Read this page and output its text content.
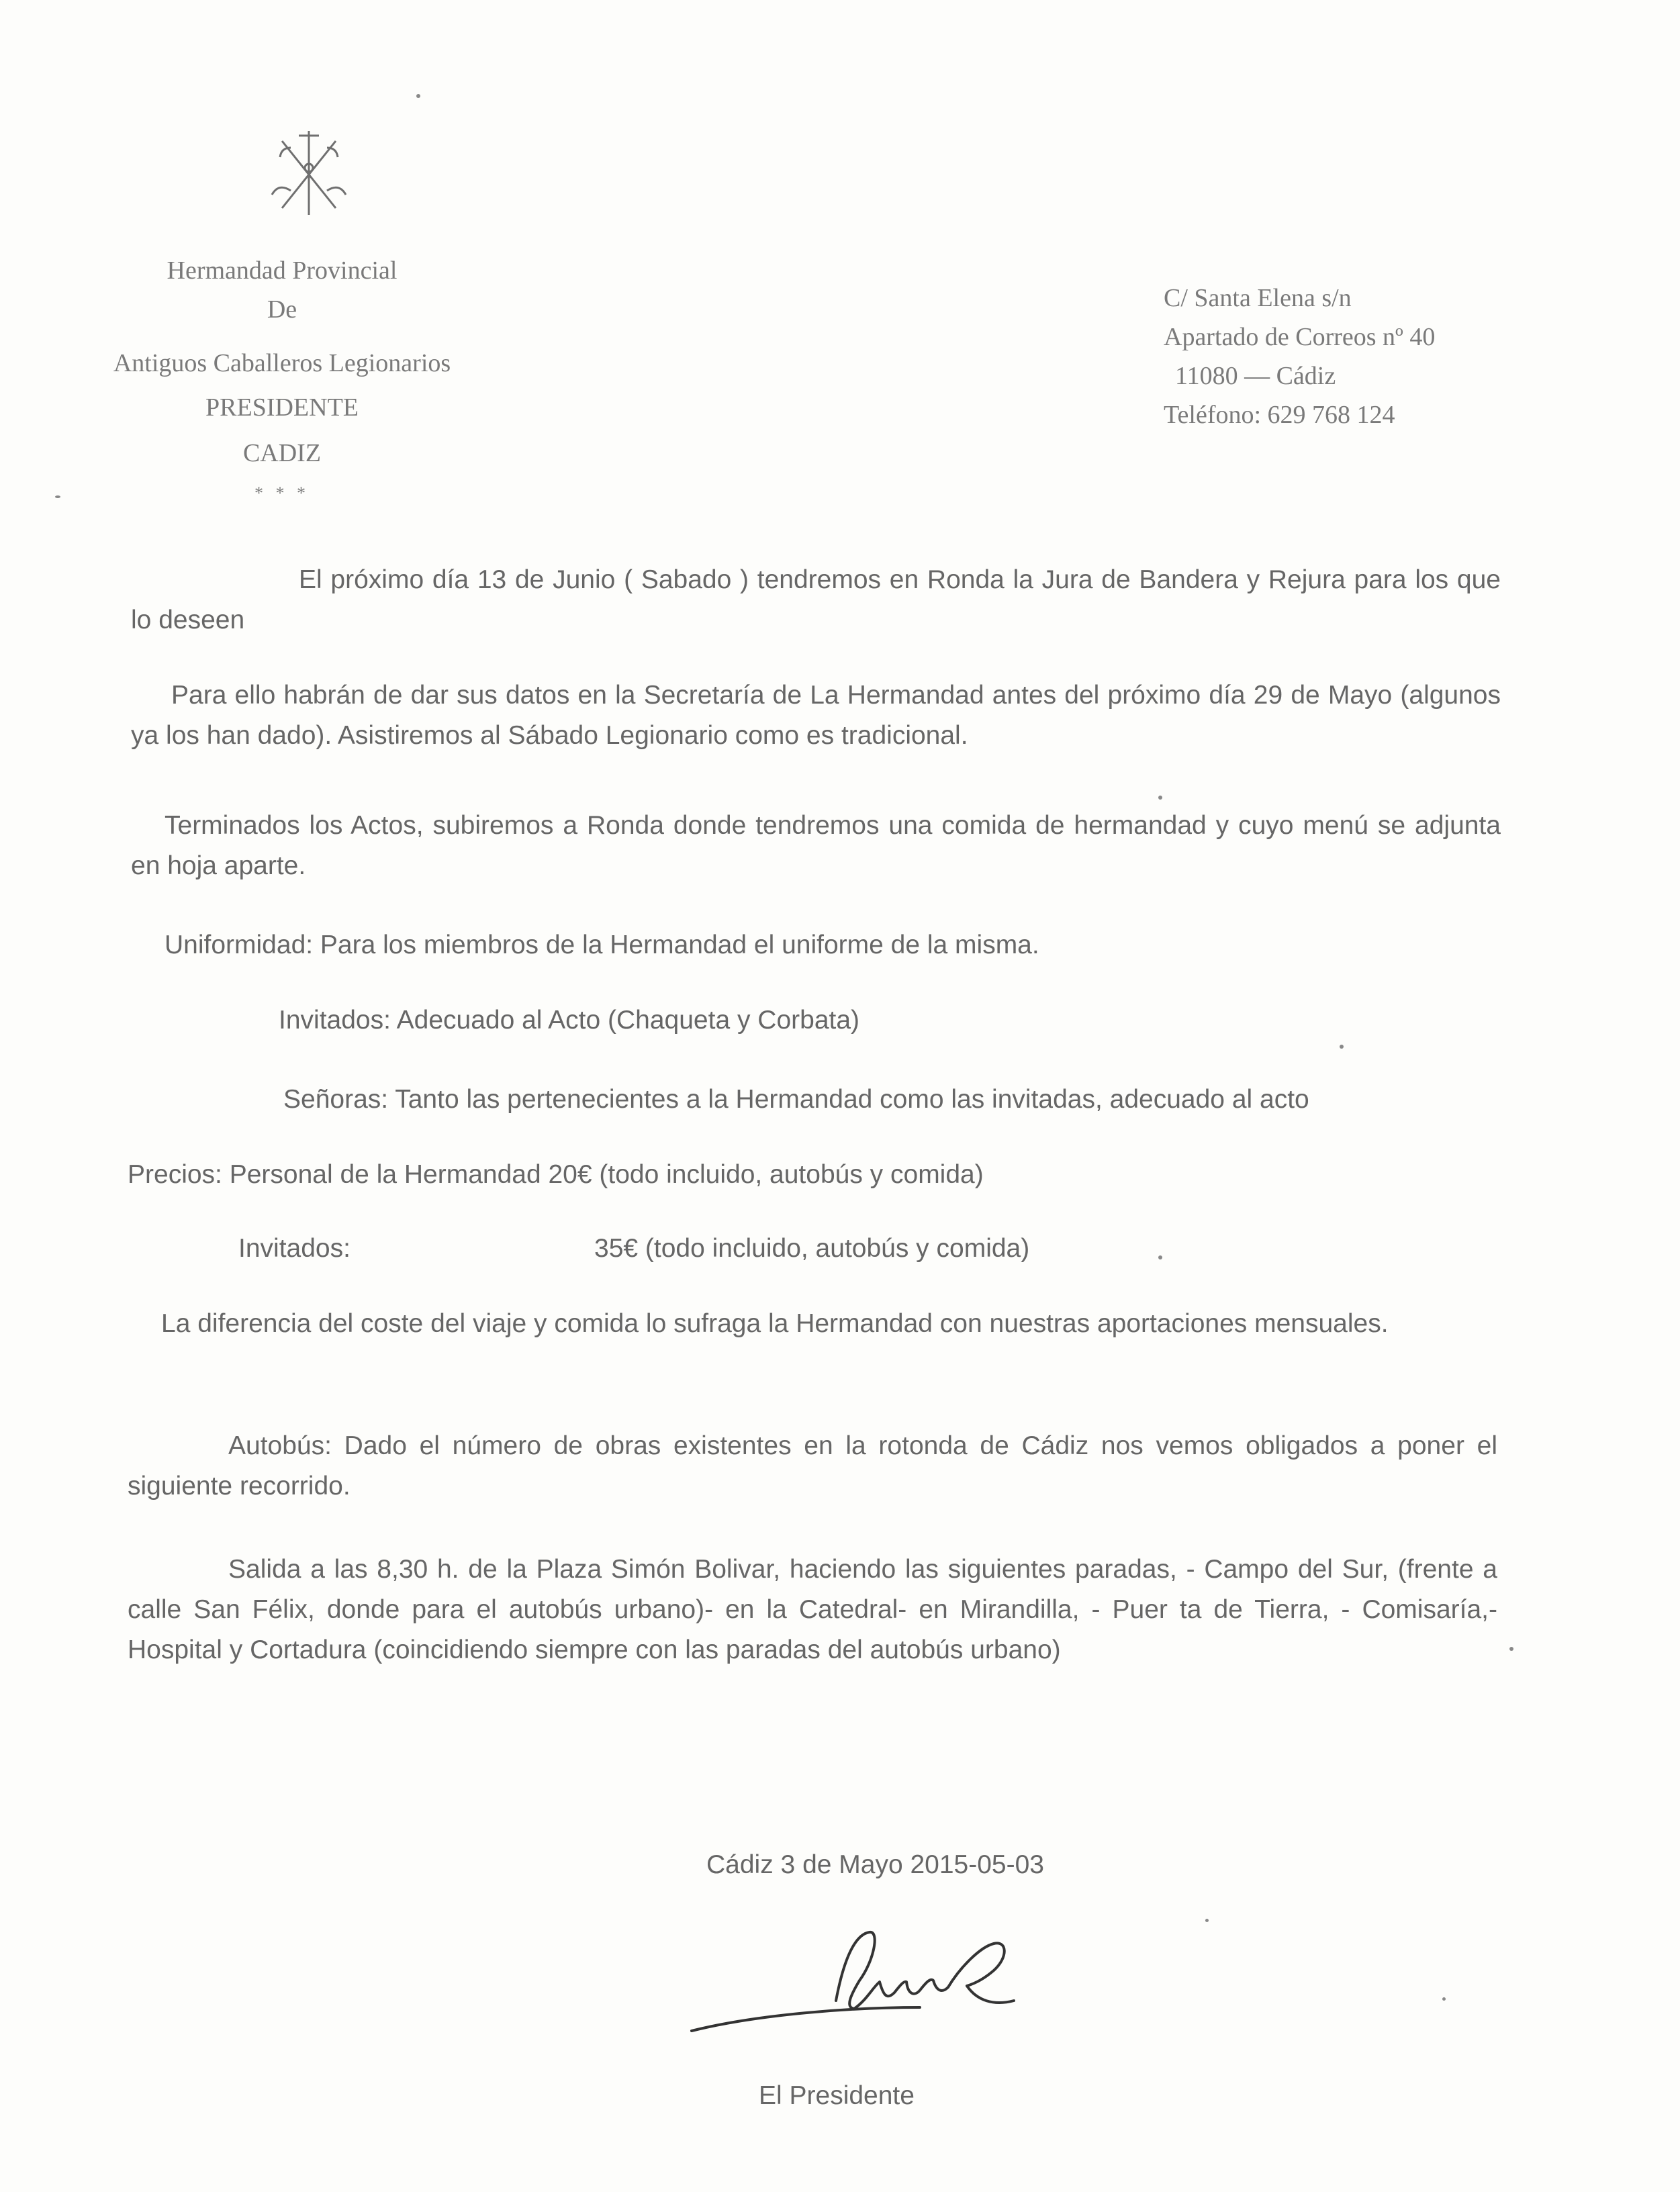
Hermandad Provincial
De
Antiguos Caballeros Legionarios
PRESIDENTE
CADIZ
* * *
C/ Santa Elena s/n
Apartado de Correos nº 40
11080 — Cádiz
Teléfono: 629 768 124

El próximo día 13 de Junio ( Sabado ) tendremos en Ronda la Jura de Bandera y Rejura para los que lo deseen

Para ello habrán de dar sus datos en la Secretaría de La Hermandad antes del próximo día 29 de Mayo (algunos ya los han dado). Asistiremos al Sábado Legionario como es tradicional.

Terminados los Actos, subiremos a Ronda donde tendremos una comida de hermandad y cuyo menú se adjunta en hoja aparte.

Uniformidad: Para los miembros de la Hermandad el uniforme de la misma.

Invitados: Adecuado al Acto (Chaqueta y Corbata)

Señoras: Tanto las pertenecientes a la Hermandad como las invitadas, adecuado al acto

Precios: Personal de la Hermandad 20€ (todo incluido, autobús y comida)

Invitados:	35€ (todo incluido, autobús y comida)

La diferencia del coste del viaje y comida lo sufraga la Hermandad con nuestras aportaciones mensuales.

Autobús: Dado el número de obras existentes en la rotonda de Cádiz nos vemos obligados a poner el siguiente recorrido.

Salida a las 8,30 h. de la Plaza Simón Bolivar, haciendo las siguientes paradas, - Campo del Sur, (frente a calle San Félix, donde para el autobús urbano)- en la Catedral- en Mirandilla, - Puer ta de Tierra, - Comisaría,- Hospital y Cortadura (coincidiendo siempre con las paradas del autobús urbano)

Cádiz 3 de Mayo 2015-05-03
El Presidente
